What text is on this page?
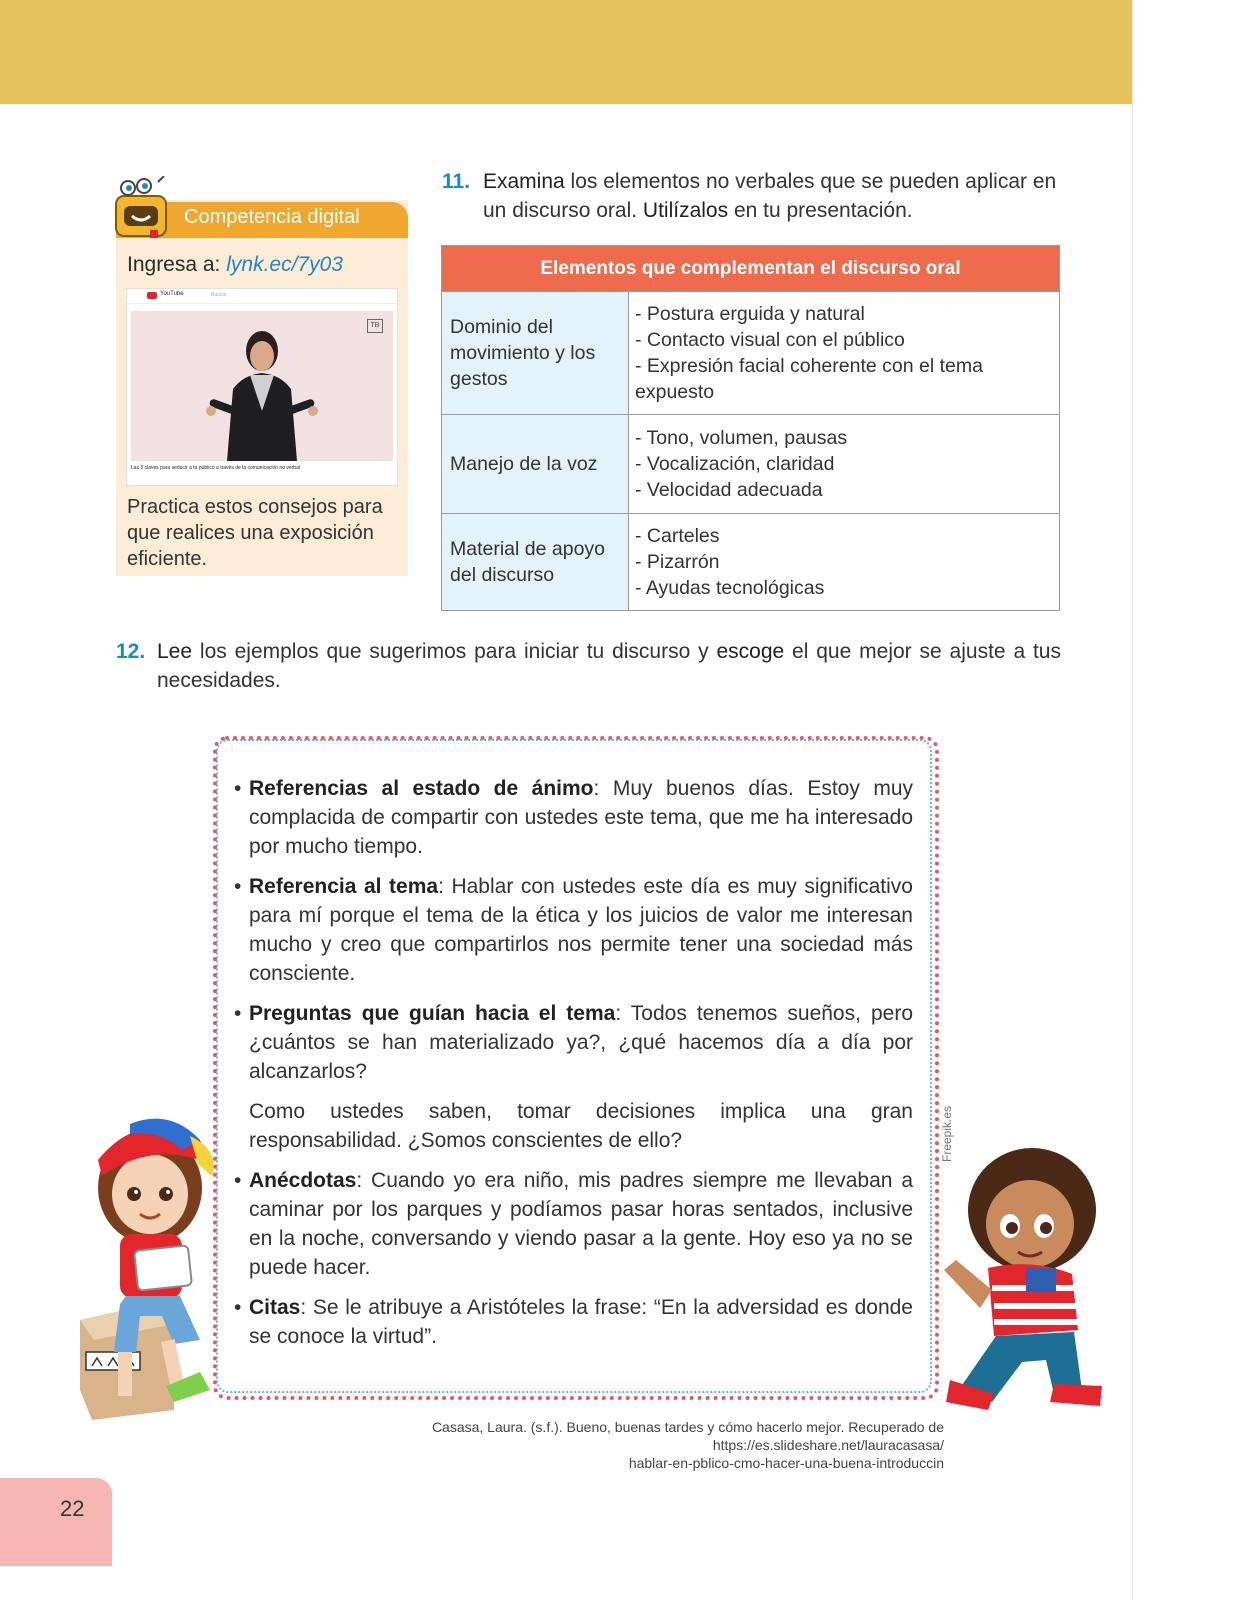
Competencia digital
Ingresa a: lynk.ec/7y03
YouTube	Buscar
TB
Las 5 claves para seducir a tu público a través de la comunicación no verbal
Practica estos consejos para que realices una exposición eficiente.
11. Examina los elementos no verbales que se pueden aplicar en un discurso oral. Utilízalos en tu presentación.
Elementos que complementan el discurso oral	
Dominio del movimiento y los gestos	- Postura erguida y natural
- Contacto visual con el público
- Expresión facial coherente con el tema expuesto

Manejo de la voz	- Tono, volumen, pausas
- Vocalización, claridad
- Velocidad adecuada

Material de apoyo del discurso	- Carteles
- Pizarrón
- Ayudas tecnológicas
12. Lee los ejemplos que sugerimos para iniciar tu discurso y escoge el que mejor se ajuste a tus necesidades.
• Referencias al estado de ánimo: Muy buenos días. Estoy muy complacida de compartir con ustedes este tema, que me ha interesado por mucho tiempo.
• Referencia al tema: Hablar con ustedes este día es muy significativo para mí porque el tema de la ética y los juicios de valor me interesan mucho y creo que compartirlos nos permite tener una sociedad más consciente.
• Preguntas que guían hacia el tema: Todos tenemos sueños, pero ¿cuántos se han materializado ya?, ¿qué hacemos día a día por alcanzarlos?
Como ustedes saben, tomar decisiones implica una gran responsabilidad. ¿Somos conscientes de ello?
• Anécdotas: Cuando yo era niño, mis padres siempre me llevaban a caminar por los parques y podíamos pasar horas sentados, inclusive en la noche, conversando y viendo pasar a la gente. Hoy eso ya no se puede hacer.
• Citas: Se le atribuye a Aristóteles la frase: “En la adversidad es donde se conoce la virtud”.
Freepik.es
Casasa, Laura. (s.f.). Bueno, buenas tardes y cómo hacerlo mejor. Recuperado de https://es.slideshare.net/lauracasasa/
hablar-en-pblico-cmo-hacer-una-buena-introduccin
22
